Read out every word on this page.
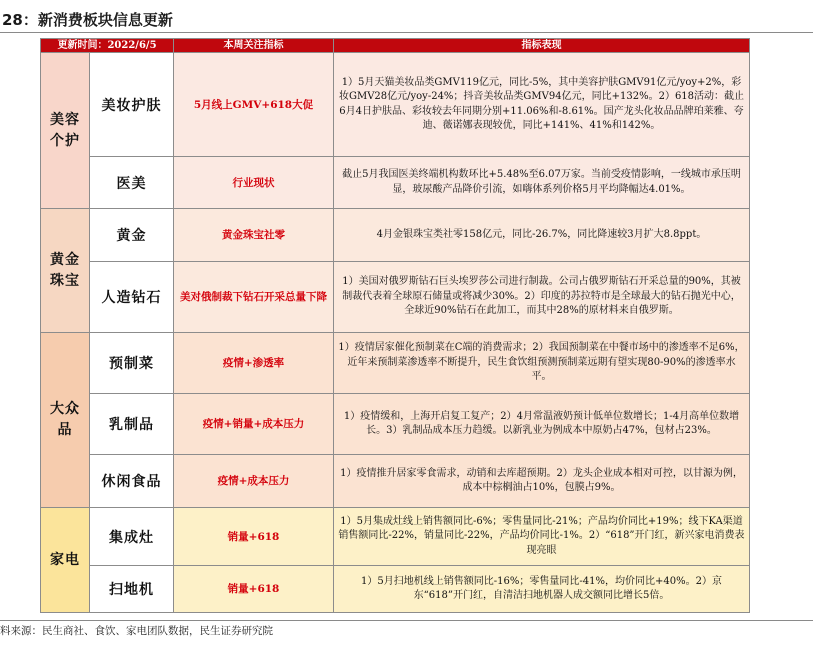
28：新消费板块信息更新
更新时间：2022/6/5		本周关注指标	指标表现
美容
个护	美妆护肤	5月线上GMV+618大促	1）5月天猫美妆品类GMV119亿元，同比-5%，其中美容护肤GMV91亿元/yoy+2%，彩妆GMV28亿元/yoy-24%；抖音美妆品类GMV94亿元，同比+132%。2）618活动：截止6月4日护肤品、彩妆较去年同期分别+11.06%和-8.61%。国产龙头化妆品品牌珀莱雅、夸迪、薇诺娜表现较优，同比+141%、41%和142%。
	医美	行业现状	截止5月我国医美终端机构数环比+5.48%至6.07万家。当前受疫情影响，一线城市承压明显，玻尿酸产品降价引流，如嗨体系列价格5月平均降幅达4.01%。
黄金
珠宝	黄金	黄金珠宝社零	4月金银珠宝类社零158亿元，同比-26.7%，同比降速较3月扩大8.8ppt。
	人造钻石	美对俄制裁下钻石开采总量下降	1）美国对俄罗斯钻石巨头埃罗莎公司进行制裁。公司占俄罗斯钻石开采总量的90%，其被制裁代表着全球原石储量或将减少30%。2）印度的苏拉特市是全球最大的钻石抛光中心，全球近90%钻石在此加工，而其中28%的原材料来自俄罗斯。
大众
品	预制菜	疫情+渗透率	1）疫情居家催化预制菜在C端的消费需求；2）我国预制菜在中餐市场中的渗透率不足6%，近年来预制菜渗透率不断提升，民生食饮组预测预制菜远期有望实现80-90%的渗透率水平。
	乳制品	疫情+销量+成本压力	1）疫情缓和，上海开启复工复产；2）4月常温液奶预计低单位数增长；1-4月高单位数增长。3）乳制品成本压力趋缓。以新乳业为例成本中原奶占47%，包材占23%。
	休闲食品	疫情+成本压力	1）疫情推升居家零食需求，动销和去库超预期。2）龙头企业成本相对可控，以甘源为例，成本中棕榈油占10%，包膜占9%。
家电	集成灶	销量+618	1）5月集成灶线上销售额同比-6%；零售量同比-21%；产品均价同比+19%；线下KA渠道销售额同比-22%，销量同比-22%，产品均价同比-1%。2）“618”开门红，新兴家电消费表现亮眼
	扫地机	销量+618	1）5月扫地机线上销售额同比-16%；零售量同比-41%，均价同比+40%。2）京东“618”开门红，自清洁扫地机器人成交额同比增长5倍。
料来源：民生商社、食饮、家电团队数据，民生证券研究院
